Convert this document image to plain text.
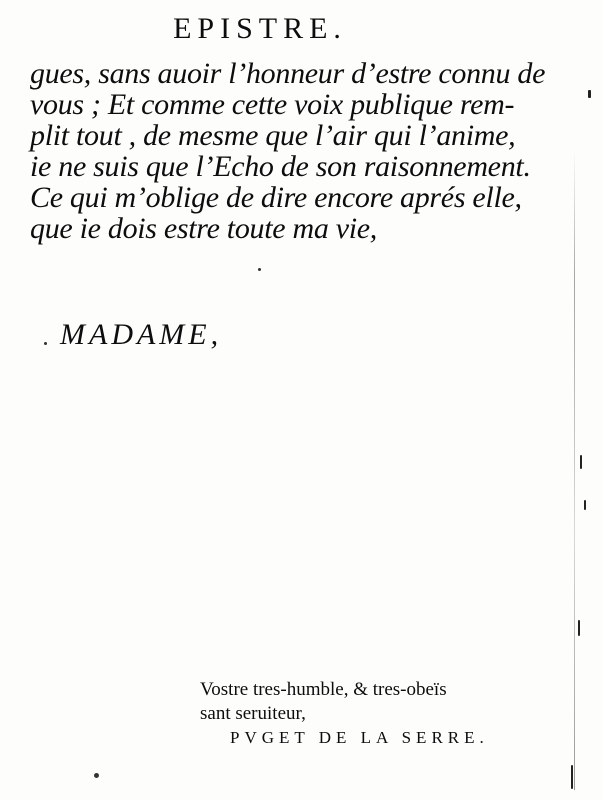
EPISTRE.
gues, sans auoir l’honneur d’estre connu de
vous ; Et comme cette voix publique rem-
plit tout , de mesme que l’air qui l’anime,
ie ne suis que l’Echo de son raisonnement.
Ce qui m’oblige de dire encore aprés elle,
que ie dois estre toute ma vie,
MADAME,
Vostre tres-humble, & tres-obeïs
sant seruiteur,
PVGET DE LA SERRE.
